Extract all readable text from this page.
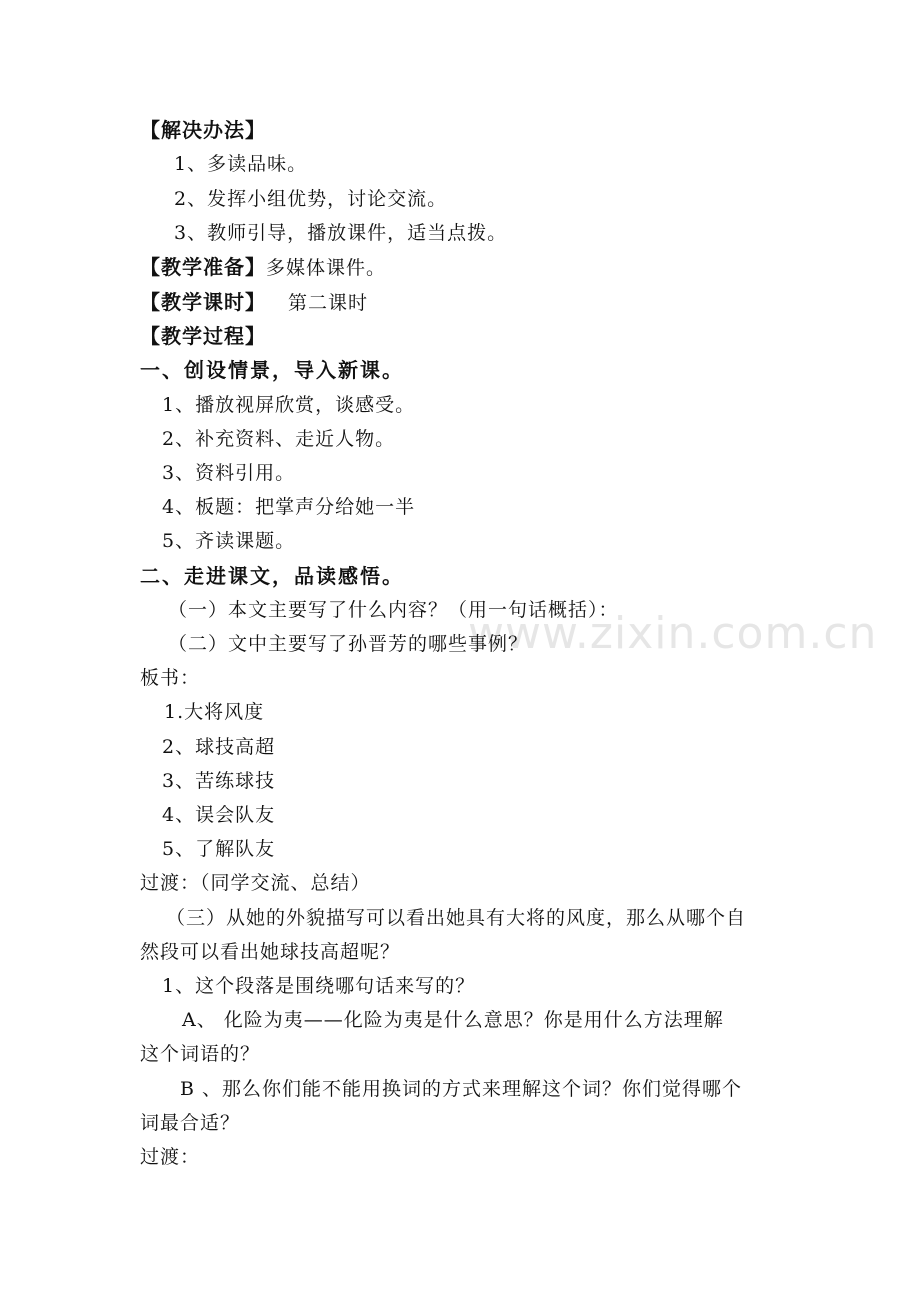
www.zixin.com.cn
【解决办法】
1、多读品味。
2、发挥小组优势，讨论交流。
3、教师引导，播放课件，适当点拨。
【教学准备】多媒体课件。
【教学课时】 第二课时
【教学过程】
一、创设情景，导入新课。
1、播放视屏欣赏，谈感受。
2、补充资料、走近人物。
3、资料引用。
4、板题：把掌声分给她一半
5、齐读课题。
二、走进课文，品读感悟。
（一）本文主要写了什么内容？（用一句话概括）：
（二）文中主要写了孙晋芳的哪些事例？
板书：
1.大将风度
2、球技高超
3、苦练球技
4、误会队友
5、了解队友
过渡：（同学交流、总结）
（三）从她的外貌描写可以看出她具有大将的风度，那么从哪个自
然段可以看出她球技高超呢？
1、这个段落是围绕哪句话来写的？
A、 化险为夷——化险为夷是什么意思？你是用什么方法理解
这个词语的？
B 、那么你们能不能用换词的方式来理解这个词？你们觉得哪个
词最合适？
过渡：
